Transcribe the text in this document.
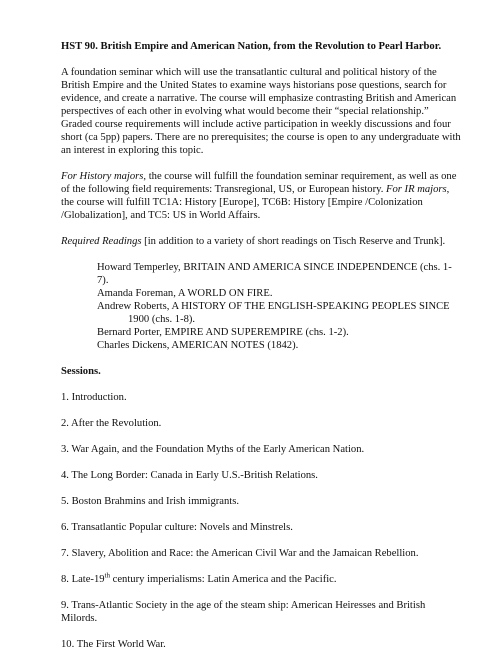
HST 90. British Empire and American Nation, from the Revolution to Pearl Harbor.

A foundation seminar which will use the transatlantic cultural and political history of the British Empire and the United States to examine ways historians pose questions, search for evidence, and create a narrative. The course will emphasize contrasting British and American perspectives of each other in evolving what would become their “special relationship.” Graded course requirements will include active participation in weekly discussions and four short (ca 5pp) papers. There are no prerequisites; the course is open to any undergraduate with an interest in exploring this topic.

For History majors, the course will fulfill the foundation seminar requirement, as well as one of the following field requirements: Transregional, US, or European history. For IR majors, the course will fulfill TC1A: History [Europe], TC6B: History [Empire /Colonization /Globalization], and TC5: US in World Affairs.

Required Readings [in addition to a variety of short readings on Tisch Reserve and Trunk].

Howard Temperley, BRITAIN AND AMERICA SINCE INDEPENDENCE (chs. 1-7).

Amanda Foreman, A WORLD ON FIRE.

Andrew Roberts, A HISTORY OF THE ENGLISH-SPEAKING PEOPLES SINCE 1900 (chs. 1-8).

Bernard Porter, EMPIRE AND SUPEREMPIRE (chs. 1-2).

Charles Dickens, AMERICAN NOTES (1842).

Sessions.

1. Introduction.

2. After the Revolution.

3. War Again, and the Foundation Myths of the Early American Nation.

4. The Long Border: Canada in Early U.S.-British Relations.

5. Boston Brahmins and Irish immigrants.

6. Transatlantic Popular culture: Novels and Minstrels.

7. Slavery, Abolition and Race: the American Civil War and the Jamaican Rebellion.

8. Late-19th century imperialisms: Latin America and the Pacific.

9. Trans-Atlantic Society in the age of the steam ship: American Heiresses and British Milords.

10. The First World War.
